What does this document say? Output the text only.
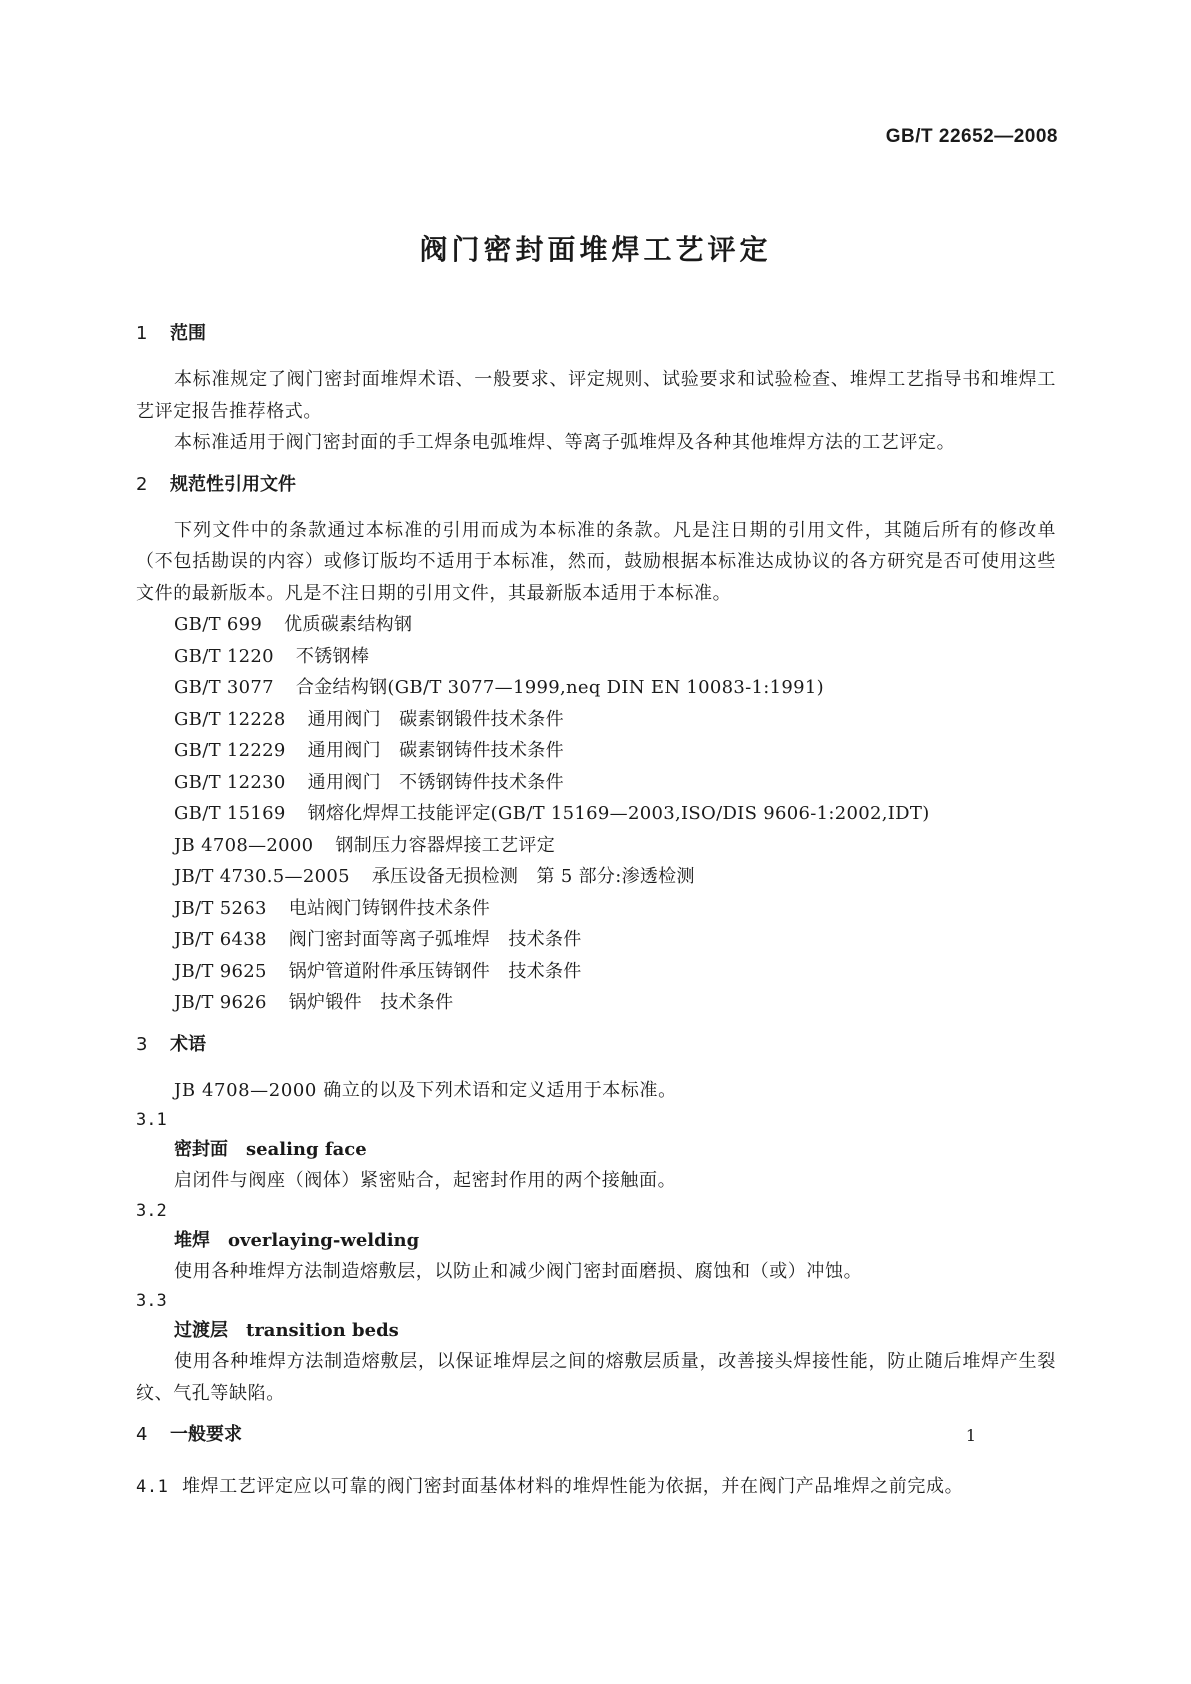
GB/T 22652—2008
阀门密封面堆焊工艺评定
1 范围

本标准规定了阀门密封面堆焊术语、一般要求、评定规则、试验要求和试验检查、堆焊工艺指导书和堆焊工艺评定报告推荐格式。

本标准适用于阀门密封面的手工焊条电弧堆焊、等离子弧堆焊及各种其他堆焊方法的工艺评定。

2 规范性引用文件

下列文件中的条款通过本标准的引用而成为本标准的条款。凡是注日期的引用文件，其随后所有的修改单（不包括勘误的内容）或修订版均不适用于本标准，然而，鼓励根据本标准达成协议的各方研究是否可使用这些文件的最新版本。凡是不注日期的引用文件，其最新版本适用于本标准。

GB/T 699 优质碳素结构钢
GB/T 1220 不锈钢棒
GB/T 3077 合金结构钢(GB/T 3077—1999,neq DIN EN 10083-1:1991)
GB/T 12228 通用阀门　碳素钢锻件技术条件
GB/T 12229 通用阀门　碳素钢铸件技术条件
GB/T 12230 通用阀门　不锈钢铸件技术条件
GB/T 15169 钢熔化焊焊工技能评定(GB/T 15169—2003,ISO/DIS 9606-1:2002,IDT)
JB 4708—2000 钢制压力容器焊接工艺评定
JB/T 4730.5—2005 承压设备无损检测　第 5 部分:渗透检测
JB/T 5263 电站阀门铸钢件技术条件
JB/T 6438 阀门密封面等离子弧堆焊　技术条件
JB/T 9625 锅炉管道附件承压铸钢件　技术条件
JB/T 9626 锅炉锻件　技术条件
3 术语

JB 4708—2000 确立的以及下列术语和定义适用于本标准。

3.1
密封面 sealing face

启闭件与阀座（阀体）紧密贴合，起密封作用的两个接触面。

3.2
堆焊 overlaying-welding

使用各种堆焊方法制造熔敷层，以防止和减少阀门密封面磨损、腐蚀和（或）冲蚀。

3.3
过渡层 transition beds

使用各种堆焊方法制造熔敷层，以保证堆焊层之间的熔敷层质量，改善接头焊接性能，防止随后堆焊产生裂纹、气孔等缺陷。

4 一般要求
4.1 堆焊工艺评定应以可靠的阀门密封面基体材料的堆焊性能为依据，并在阀门产品堆焊之前完成。
1
